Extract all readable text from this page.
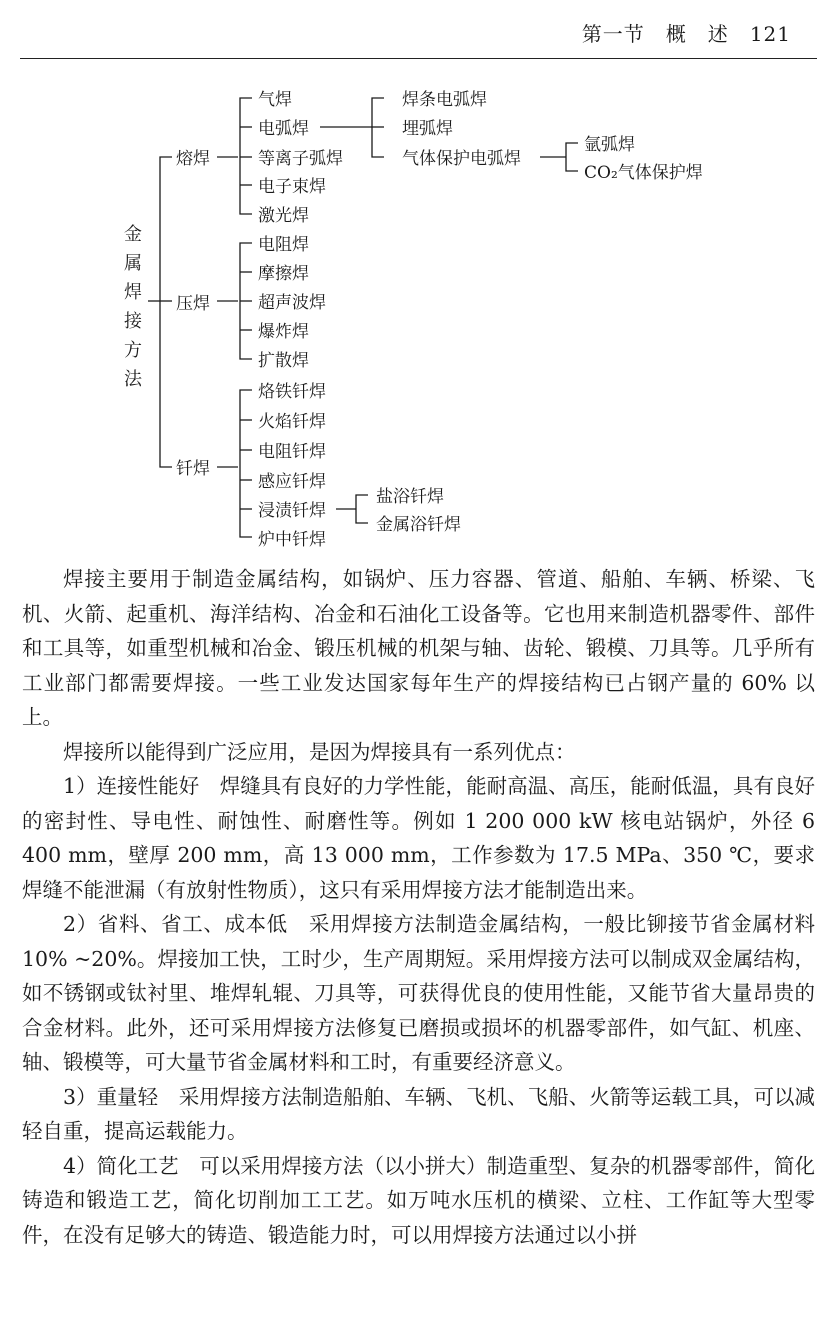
第一节　 概　述　 121
金
属
焊
接
方
法
熔焊
压焊
钎焊
气焊
电弧焊
等离子弧焊
电子束焊
激光焊
焊条电弧焊
埋弧焊
气体保护电弧焊
氩弧焊
CO₂气体保护焊
电阻焊
摩擦焊
超声波焊
爆炸焊
扩散焊
烙铁钎焊
火焰钎焊
电阻钎焊
感应钎焊
浸渍钎焊
炉中钎焊
盐浴钎焊
金属浴钎焊

焊接主要用于制造金属结构，如锅炉、压力容器、管道、船舶、车辆、桥梁、飞机、火箭、起重机、海洋结构、冶金和石油化工设备等。它也用来制造机器零件、部件和工具等，如重型机械和冶金、锻压机械的机架与轴、齿轮、锻模、刀具等。几乎所有工业部门都需要焊接。一些工业发达国家每年生产的焊接结构已占钢产量的 60% 以上。

焊接所以能得到广泛应用，是因为焊接具有一系列优点：

1）连接性能好　焊缝具有良好的力学性能，能耐高温、高压，能耐低温，具有良好的密封性、导电性、耐蚀性、耐磨性等。例如 1 200 000 kW 核电站锅炉，外径 6 400 mm，壁厚 200 mm，高 13 000 mm，工作参数为 17.5 MPa、350 ℃，要求焊缝不能泄漏（有放射性物质），这只有采用焊接方法才能制造出来。

2）省料、省工、成本低　采用焊接方法制造金属结构，一般比铆接节省金属材料 10% ~20%。焊接加工快，工时少，生产周期短。采用焊接方法可以制成双金属结构，如不锈钢或钛衬里、堆焊轧辊、刀具等，可获得优良的使用性能，又能节省大量昂贵的合金材料。此外，还可采用焊接方法修复已磨损或损坏的机器零部件，如气缸、机座、轴、锻模等，可大量节省金属材料和工时，有重要经济意义。

3）重量轻　采用焊接方法制造船舶、车辆、飞机、飞船、火箭等运载工具，可以减轻自重，提高运载能力。

4）简化工艺　可以采用焊接方法（以小拼大）制造重型、复杂的机器零部件，简化铸造和锻造工艺，简化切削加工工艺。如万吨水压机的横梁、立柱、工作缸等大型零件，在没有足够大的铸造、锻造能力时，可以用焊接方法通过以小拼
